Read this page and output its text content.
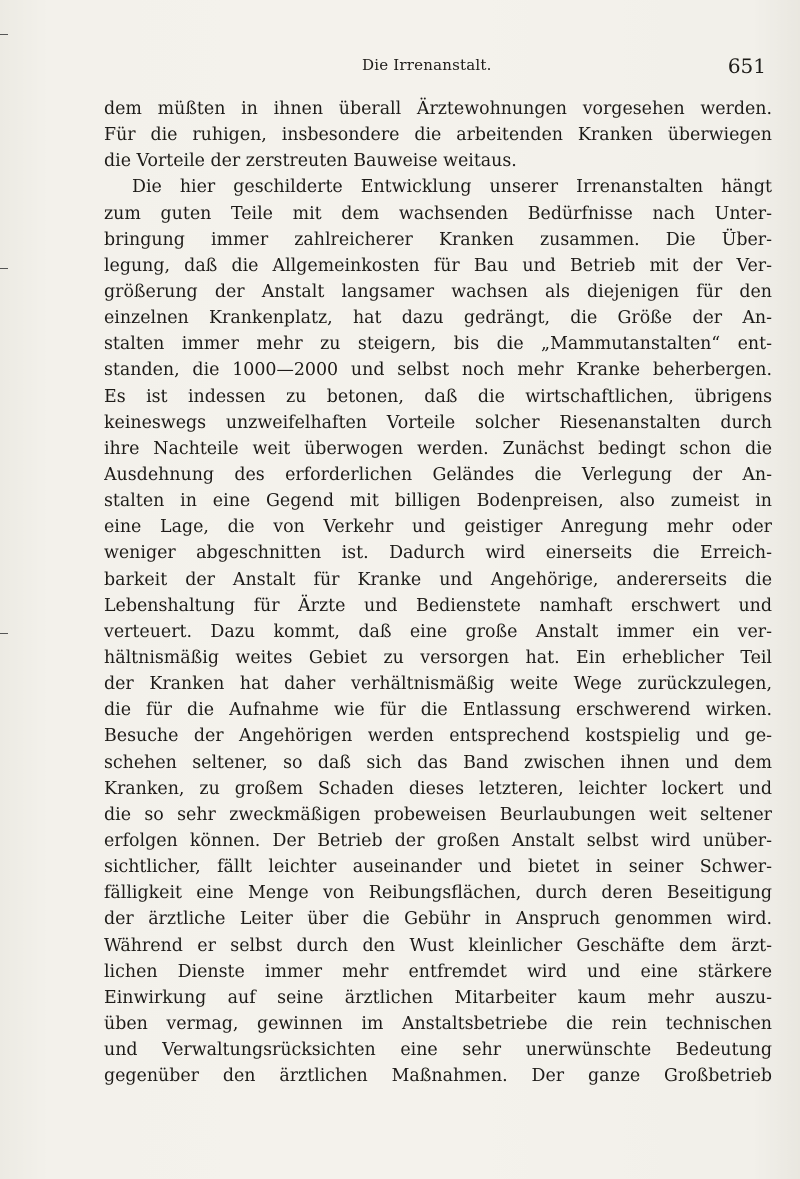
Die Irrenanstalt.	651
dem müßten in ihnen überall Ärztewohnungen vorgesehen werden.
Für die ruhigen, insbesondere die arbeitenden Kranken überwiegen
die Vorteile der zerstreuten Bauweise weitaus.
Die hier geschilderte Entwicklung unserer Irrenanstalten hängt
zum guten Teile mit dem wachsenden Bedürfnisse nach Unter-
bringung immer zahlreicherer Kranken zusammen. Die Über-
legung, daß die Allgemeinkosten für Bau und Betrieb mit der Ver-
größerung der Anstalt langsamer wachsen als diejenigen für den
einzelnen Krankenplatz, hat dazu gedrängt, die Größe der An-
stalten immer mehr zu steigern, bis die „Mammutanstalten“ ent-
standen, die 1000—2000 und selbst noch mehr Kranke beherbergen.
Es ist indessen zu betonen, daß die wirtschaftlichen, übrigens
keineswegs unzweifelhaften Vorteile solcher Riesenanstalten durch
ihre Nachteile weit überwogen werden. Zunächst bedingt schon die
Ausdehnung des erforderlichen Geländes die Verlegung der An-
stalten in eine Gegend mit billigen Bodenpreisen, also zumeist in
eine Lage, die von Verkehr und geistiger Anregung mehr oder
weniger abgeschnitten ist. Dadurch wird einerseits die Erreich-
barkeit der Anstalt für Kranke und Angehörige, andererseits die
Lebenshaltung für Ärzte und Bedienstete namhaft erschwert und
verteuert. Dazu kommt, daß eine große Anstalt immer ein ver-
hältnismäßig weites Gebiet zu versorgen hat. Ein erheblicher Teil
der Kranken hat daher verhältnismäßig weite Wege zurückzulegen,
die für die Aufnahme wie für die Entlassung erschwerend wirken.
Besuche der Angehörigen werden entsprechend kostspielig und ge-
schehen seltener, so daß sich das Band zwischen ihnen und dem
Kranken, zu großem Schaden dieses letzteren, leichter lockert und
die so sehr zweckmäßigen probeweisen Beurlaubungen weit seltener
erfolgen können. Der Betrieb der großen Anstalt selbst wird unüber-
sichtlicher, fällt leichter auseinander und bietet in seiner Schwer-
fälligkeit eine Menge von Reibungsflächen, durch deren Beseitigung
der ärztliche Leiter über die Gebühr in Anspruch genommen wird.
Während er selbst durch den Wust kleinlicher Geschäfte dem ärzt-
lichen Dienste immer mehr entfremdet wird und eine stärkere
Einwirkung auf seine ärztlichen Mitarbeiter kaum mehr auszu-
üben vermag, gewinnen im Anstaltsbetriebe die rein technischen
und Verwaltungsrücksichten eine sehr unerwünschte Bedeutung
gegenüber den ärztlichen Maßnahmen. Der ganze Großbetrieb
